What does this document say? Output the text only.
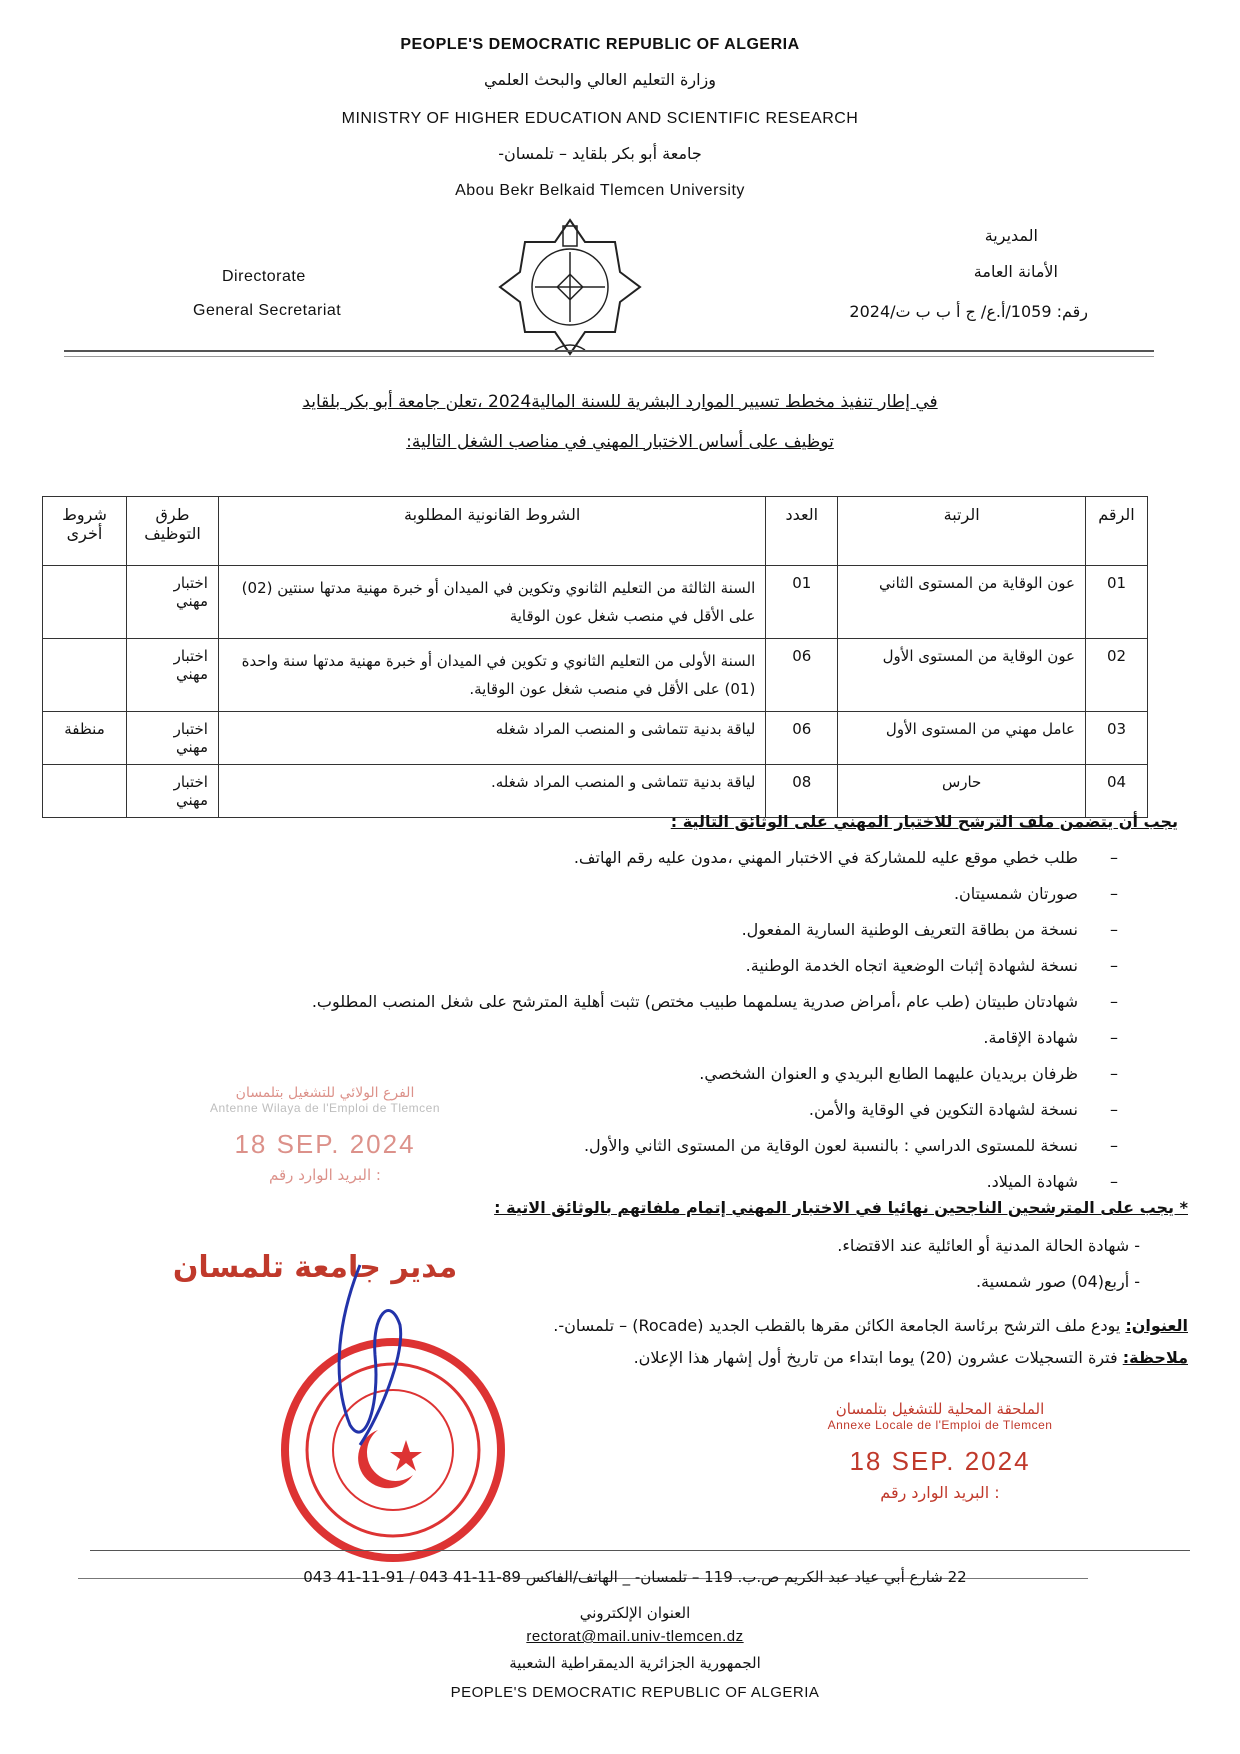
PEOPLE'S DEMOCRATIC REPUBLIC OF ALGERIA
وزارة التعليم العالي والبحث العلمي
MINISTRY OF HIGHER EDUCATION AND SCIENTIFIC RESEARCH
جامعة أبو بكر بلقايد – تلمسان-
Abou Bekr Belkaid Tlemcen University
Directorate
General Secretariat
المديرية
الأمانة العامة
رقم: 1059/أ.ع/ ج أ ب ب ت/2024
في إطار تنفيذ مخطط تسيير الموارد البشرية للسنة المالية2024 ،تعلن جامعة أبو بكر بلقايد
توظيف على أساس الاختبار المهني في مناصب الشغل التالية:
الرقم	الرتبة	العدد	الشروط القانونية المطلوبة	طرق التوظيف	شروط أخرى
01	عون الوقاية من المستوى الثاني	01	السنة الثالثة من التعليم الثانوي وتكوين في الميدان أو خبرة مهنية مدتها سنتين (02) على الأقل في منصب شغل عون الوقاية	اختبار مهني	
02	عون الوقاية من المستوى الأول	06	السنة الأولى من التعليم الثانوي و تكوين في الميدان أو خبرة مهنية مدتها سنة واحدة (01) على الأقل في منصب شغل عون الوقاية.	اختبار مهني	
03	عامل مهني من المستوى الأول	06	لياقة بدنية تتماشى و المنصب المراد شغله	اختبار مهني	منظفة
04	حارس	08	لياقة بدنية تتماشى و المنصب المراد شغله.	اختبار مهني	
يجب أن يتضمن ملف الترشح للاختبار المهني على الوثائق التالية :
– طلب خطي موقع عليه للمشاركة في الاختبار المهني ،مدون عليه رقم الهاتف.
– صورتان شمسيتان.
– نسخة من بطاقة التعريف الوطنية السارية المفعول.
– نسخة لشهادة إثبات الوضعية اتجاه الخدمة الوطنية.
– شهادتان طبيتان (طب عام ،أمراض صدرية يسلمهما طبيب مختص) تثبت أهلية المترشح على شغل المنصب المطلوب.
– شهادة الإقامة.
– ظرفان بريديان عليهما الطابع البريدي و العنوان الشخصي.
– نسخة لشهادة التكوين في الوقاية والأمن.
– نسخة للمستوى الدراسي : بالنسبة لعون الوقاية من المستوى الثاني والأول.
– شهادة الميلاد.
* يجب على المترشحين الناجحين نهائيا في الاختبار المهني إتمام ملفاتهم بالوثائق الاتية :
- شهادة الحالة المدنية أو العائلية عند الاقتضاء.
- أربع(04) صور شمسية.
العنوان: يودع ملف الترشح برئاسة الجامعة الكائن مقرها بالقطب الجديد (Rocade) – تلمسان-.
ملاحظة: فترة التسجيلات عشرون (20) يوما ابتداء من تاريخ أول إشهار هذا الإعلان.
الفرع الولائي للتشغيل بتلمسان
Antenne Wilaya de l'Emploi de Tlemcen
18 SEP. 2024
البريد الوارد رقم :
مدير جامعة تلمسان
الملحقة المحلية للتشغيل بتلمسان
Annexe Locale de l'Emploi de Tlemcen
18 SEP. 2024
البريد الوارد رقم :
22 شارع أبي عياد عبد الكريم ص.ب. 119 – تلمسان- _ الهاتف/الفاكس 89-11-41 043 / 91-11-41 043
العنوان الإلكتروني
rectorat@mail.univ-tlemcen.dz
الجمهورية الجزائرية الديمقراطية الشعبية
PEOPLE'S DEMOCRATIC REPUBLIC OF ALGERIA
